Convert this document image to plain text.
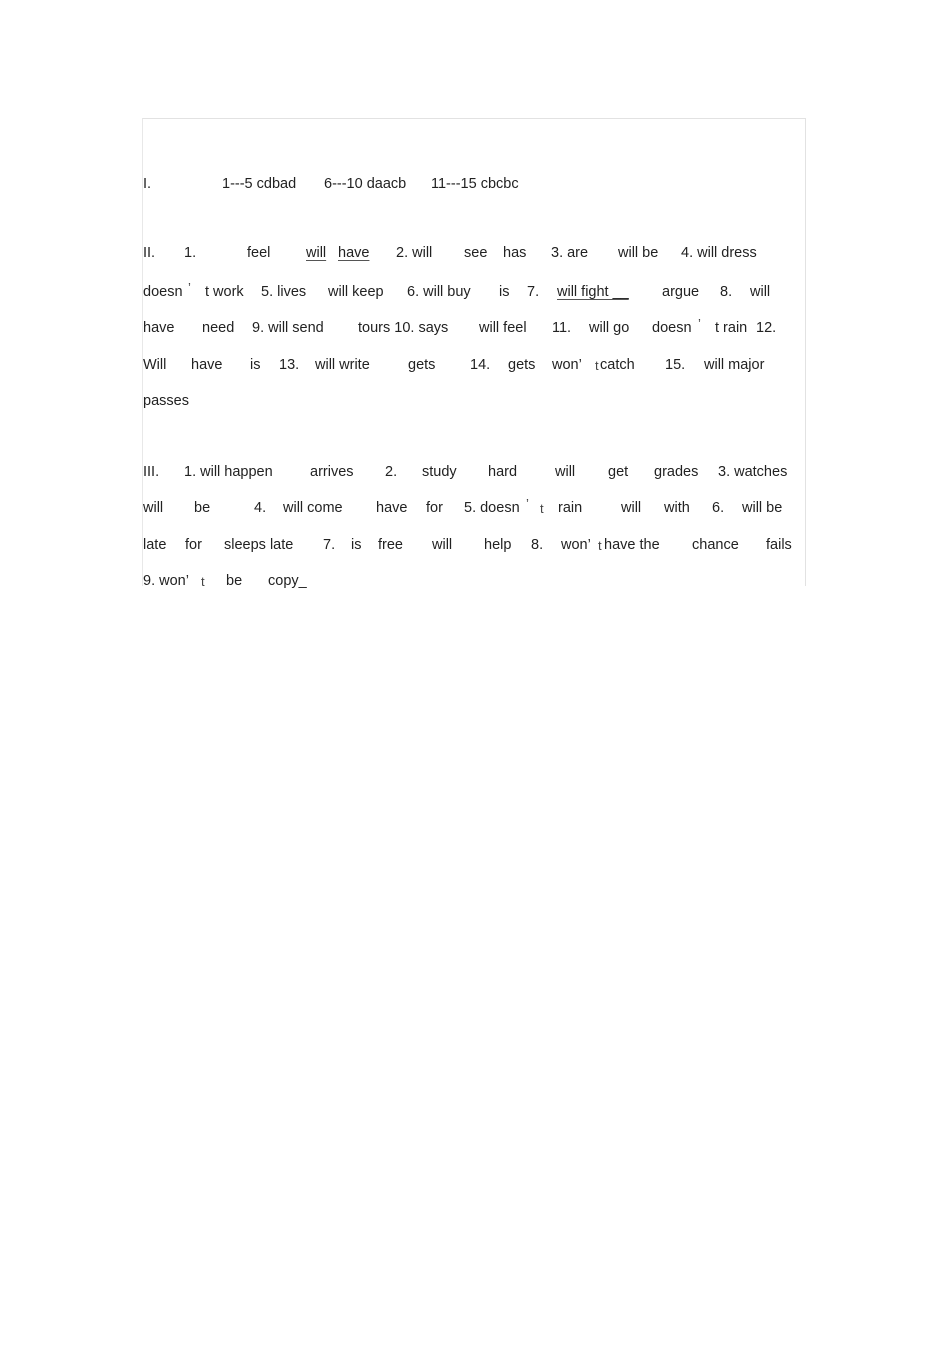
I.	1---5 cdbad 6---10 daacb 11---15 cbcbc
II. 1.	feel will have 2. will see has 3. are will be 4. will dress
doesn ’ t work 5. lives will keep 6. will buy is 7. will fight __ argue 8. will
have need 9. will send tours 10. says will feel 11. will go doesn ’ t rain 12.
Will have is 13. will write	gets 14. gets won’ t catch 15. will major
passes
III. 1. will happen	arrives 2. study hard	will get grades 3. watches
will be	4. will come have for 5. doesn ’ t rain	will with 6. will be
late for sleeps late 7. is free will help 8. won’ t have the chance fails
9. won’ t be copy_
